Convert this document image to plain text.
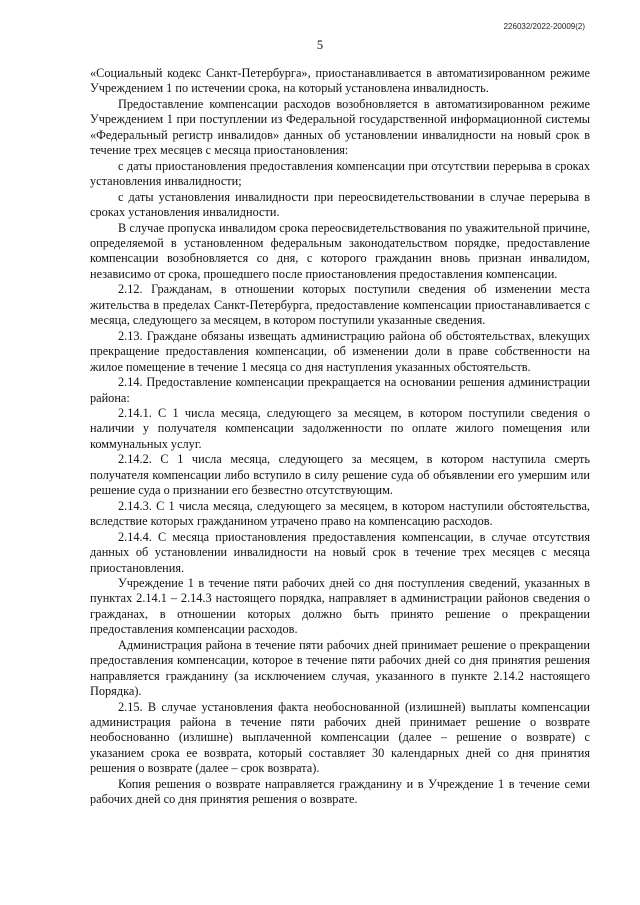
226032/2022-20009(2)
5

«Социальный кодекс Санкт-Петербурга», приостанавливается в автоматизированном режиме Учреждением 1 по истечении срока, на который установлена инвалидность.

Предоставление компенсации расходов возобновляется в автоматизированном режиме Учреждением 1 при поступлении из Федеральной государственной информационной системы «Федеральный регистр инвалидов» данных об установлении инвалидности на новый срок в течение трех месяцев с месяца приостановления:

с даты приостановления предоставления компенсации при отсутствии перерыва в сроках установления инвалидности;

с даты установления инвалидности при переосвидетельствовании в случае перерыва в сроках установления инвалидности.

В случае пропуска инвалидом срока переосвидетельствования по уважительной причине, определяемой в установленном федеральным законодательством порядке, предоставление компенсации возобновляется со дня, с которого гражданин вновь признан инвалидом, независимо от срока, прошедшего после приостановления предоставления компенсации.

2.12. Гражданам, в отношении которых поступили сведения об изменении места жительства в пределах Санкт-Петербурга, предоставление компенсации приостанавливается с месяца, следующего за месяцем, в котором поступили указанные сведения.

2.13. Граждане обязаны извещать администрацию района об обстоятельствах, влекущих прекращение предоставления компенсации, об изменении доли в праве собственности на жилое помещение в течение 1 месяца со дня наступления указанных обстоятельств.

2.14. Предоставление компенсации прекращается на основании решения администрации района:

2.14.1. С 1 числа месяца, следующего за месяцем, в котором поступили сведения о наличии у получателя компенсации задолженности по оплате жилого помещения или коммунальных услуг.

2.14.2. С 1 числа месяца, следующего за месяцем, в котором наступила смерть получателя компенсации либо вступило в силу решение суда об объявлении его умершим или решение суда о признании его безвестно отсутствующим.

2.14.3. С 1 числа месяца, следующего за месяцем, в котором наступили обстоятельства, вследствие которых гражданином утрачено право на компенсацию расходов.

2.14.4. С месяца приостановления предоставления компенсации, в случае отсутствия данных об установлении инвалидности на новый срок в течение трех месяцев с месяца приостановления.

Учреждение 1 в течение пяти рабочих дней со дня поступления сведений, указанных в пунктах 2.14.1 – 2.14.3 настоящего порядка, направляет в администрации районов сведения о гражданах, в отношении которых должно быть принято решение о прекращении предоставления компенсации расходов.

Администрация района в течение пяти рабочих дней принимает решение о прекращении предоставления компенсации, которое в течение пяти рабочих дней со дня принятия решения направляется гражданину (за исключением случая, указанного в пункте 2.14.2 настоящего Порядка).

2.15. В случае установления факта необоснованной (излишней) выплаты компенсации администрация района в течение пяти рабочих дней принимает решение о возврате необоснованно (излишне) выплаченной компенсации (далее – решение о возврате) с указанием срока ее возврата, который составляет 30 календарных дней со дня принятия решения о возврате (далее – срок возврата).

Копия решения о возврате направляется гражданину и в Учреждение 1 в течение семи рабочих дней со дня принятия решения о возврате.
